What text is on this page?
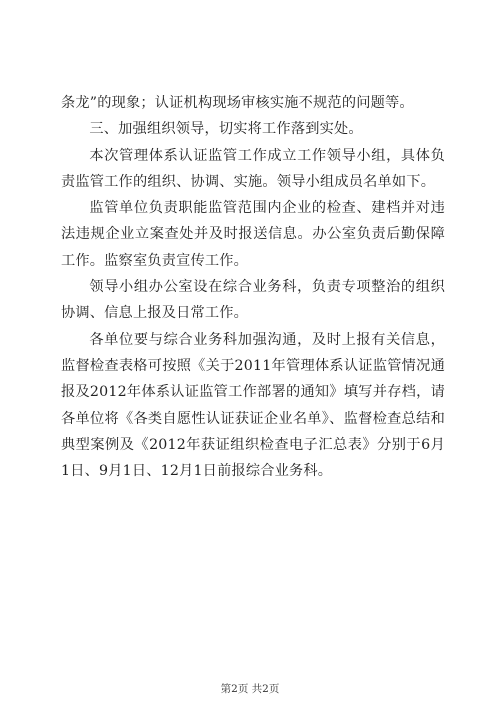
条龙”的现象；认证机构现场审核实施不规范的问题等。

三、加强组织领导，切实将工作落到实处。

本次管理体系认证监管工作成立工作领导小组，具体负责监管工作的组织、协调、实施。领导小组成员名单如下。

监管单位负责职能监管范围内企业的检查、建档并对违法违规企业立案查处并及时报送信息。办公室负责后勤保障工作。监察室负责宣传工作。

领导小组办公室设在综合业务科，负责专项整治的组织协调、信息上报及日常工作。

各单位要与综合业务科加强沟通，及时上报有关信息，监督检查表格可按照《关于2011年管理体系认证监管情况通报及2012年体系认证监管工作部署的通知》填写并存档，请各单位将《各类自愿性认证获证企业名单》、监督检查总结和典型案例及《2012年获证组织检查电子汇总表》分别于6月1日、9月1日、12月1日前报综合业务科。

第2页 共2页
